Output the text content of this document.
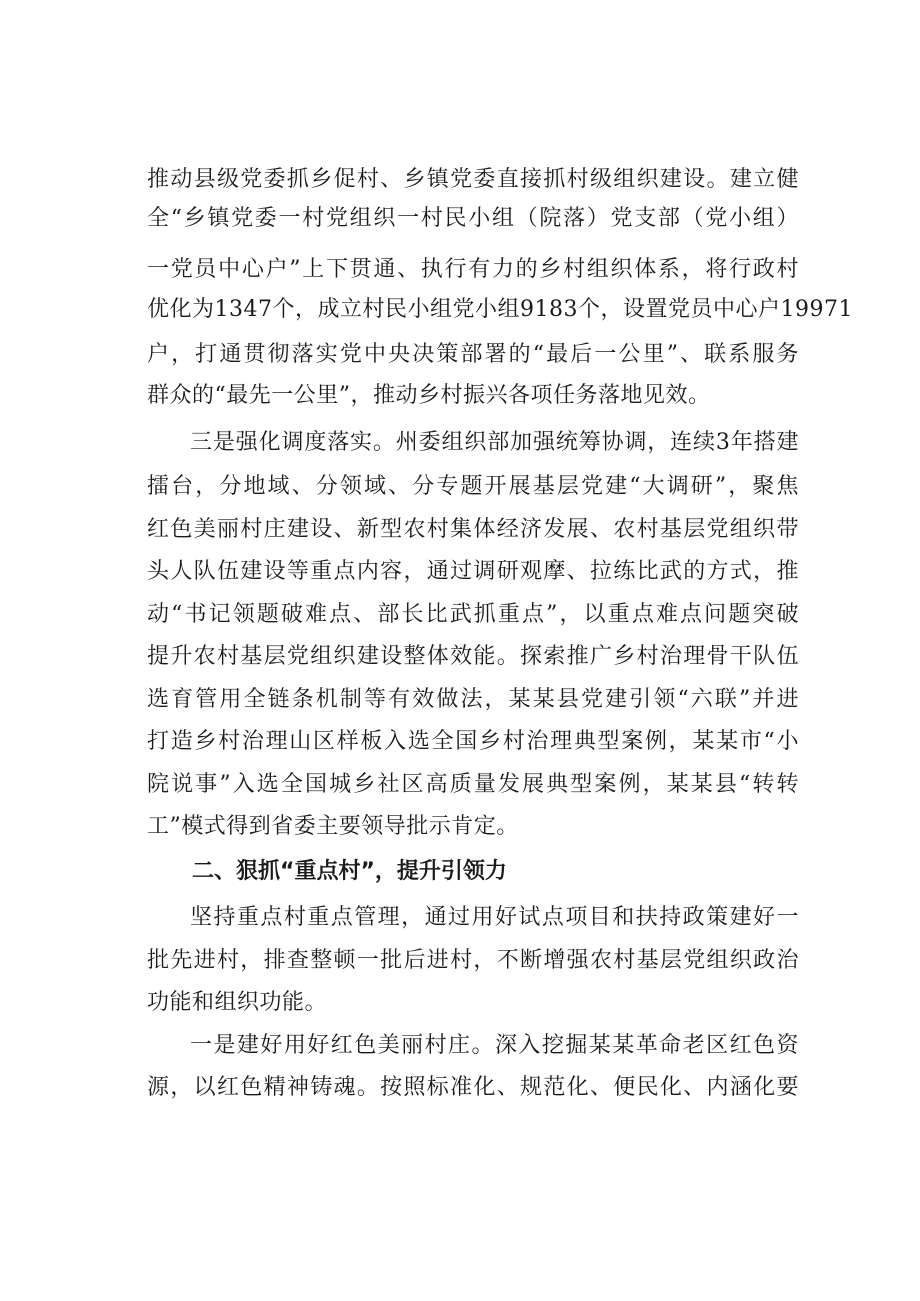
推动县级党委抓乡促村、乡镇党委直接抓村级组织建设。建立健
全“乡镇党委一村党组织一村民小组（院落）党支部（党小组）
一党员中心户”上下贯通、执行有力的乡村组织体系，将行政村
优化为1347个，成立村民小组党小组9183个，设置党员中心户19971
户，打通贯彻落实党中央决策部署的“最后一公里”、联系服务
群众的“最先一公里”，推动乡村振兴各项任务落地见效。
三是强化调度落实。州委组织部加强统筹协调，连续3年搭建
擂台，分地域、分领域、分专题开展基层党建“大调研”，聚焦
红色美丽村庄建设、新型农村集体经济发展、农村基层党组织带
头人队伍建设等重点内容，通过调研观摩、拉练比武的方式，推
动“书记领题破难点、部长比武抓重点”，以重点难点问题突破
提升农村基层党组织建设整体效能。探索推广乡村治理骨干队伍
选育管用全链条机制等有效做法，某某县党建引领“六联”并进
打造乡村治理山区样板入选全国乡村治理典型案例，某某市“小
院说事”入选全国城乡社区高质量发展典型案例，某某县“转转
工”模式得到省委主要领导批示肯定。
二、狠抓“重点村”，提升引领力
坚持重点村重点管理，通过用好试点项目和扶持政策建好一
批先进村，排查整顿一批后进村，不断增强农村基层党组织政治
功能和组织功能。
一是建好用好红色美丽村庄。深入挖掘某某革命老区红色资
源，以红色精神铸魂。按照标准化、规范化、便民化、内涵化要
